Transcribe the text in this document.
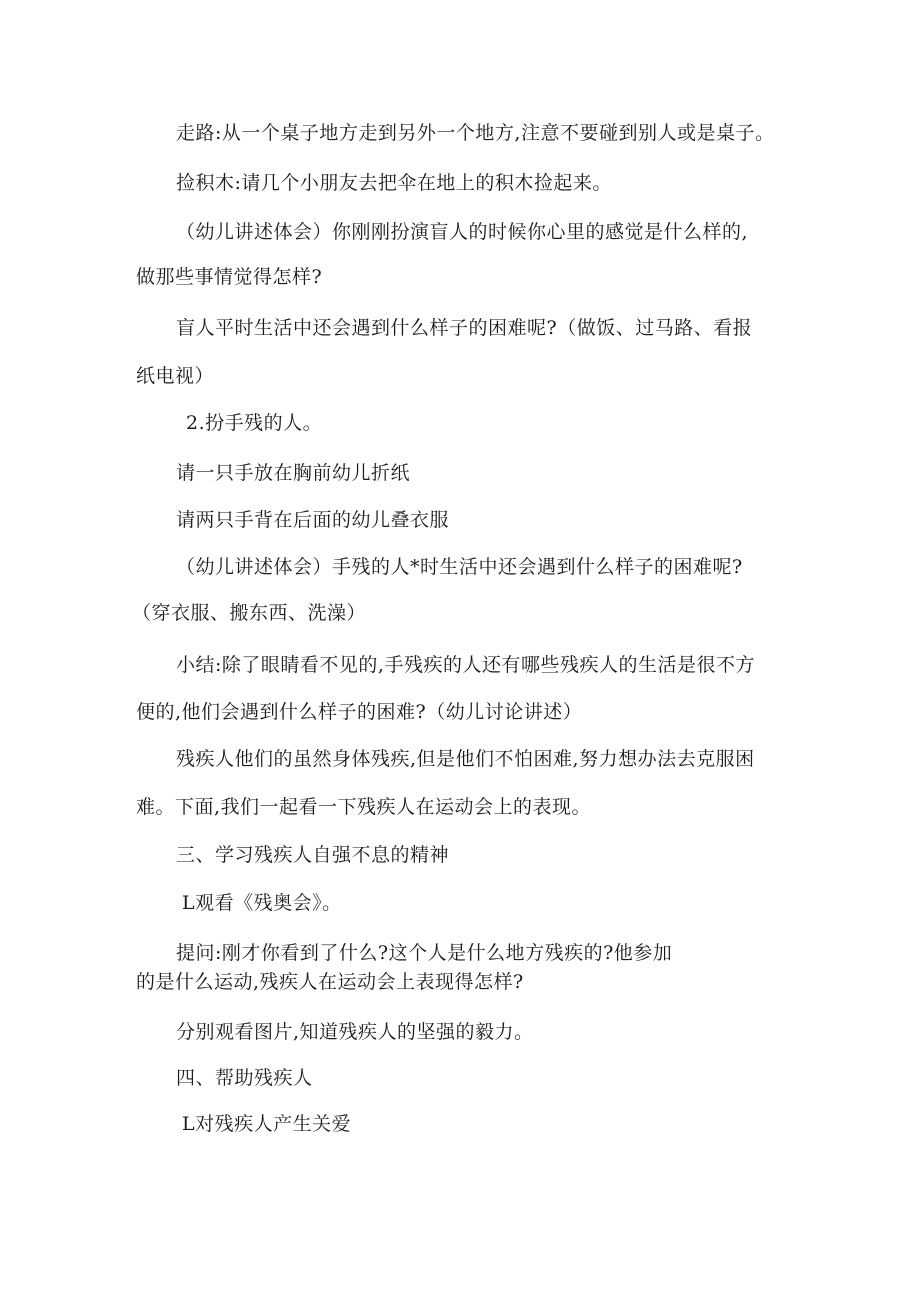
走路:从一个桌子地方走到另外一个地方,注意不要碰到别人或是桌子。
捡积木:请几个小朋友去把伞在地上的积木捡起来。
（幼儿讲述体会）你刚刚扮演盲人的时候你心里的感觉是什么样的,
做那些事情觉得怎样?
盲人平时生活中还会遇到什么样子的困难呢?（做饭、过马路、看报
纸电视）
2.扮手残的人。
请一只手放在胸前幼儿折纸
请两只手背在后面的幼儿叠衣服
（幼儿讲述体会）手残的人*时生活中还会遇到什么样子的困难呢?
（穿衣服、搬东西、洗澡）
小结:除了眼睛看不见的,手残疾的人还有哪些残疾人的生活是很不方
便的,他们会遇到什么样子的困难?（幼儿讨论讲述）
残疾人他们的虽然身体残疾,但是他们不怕困难,努力想办法去克服困
难。下面,我们一起看一下残疾人在运动会上的表现。
三、学习残疾人自强不息的精神
L观看《残奥会》。
提问:刚才你看到了什么?这个人是什么地方残疾的?他参加
的是什么运动,残疾人在运动会上表现得怎样?
分别观看图片,知道残疾人的坚强的毅力。
四、帮助残疾人
L对残疾人产生关爱
